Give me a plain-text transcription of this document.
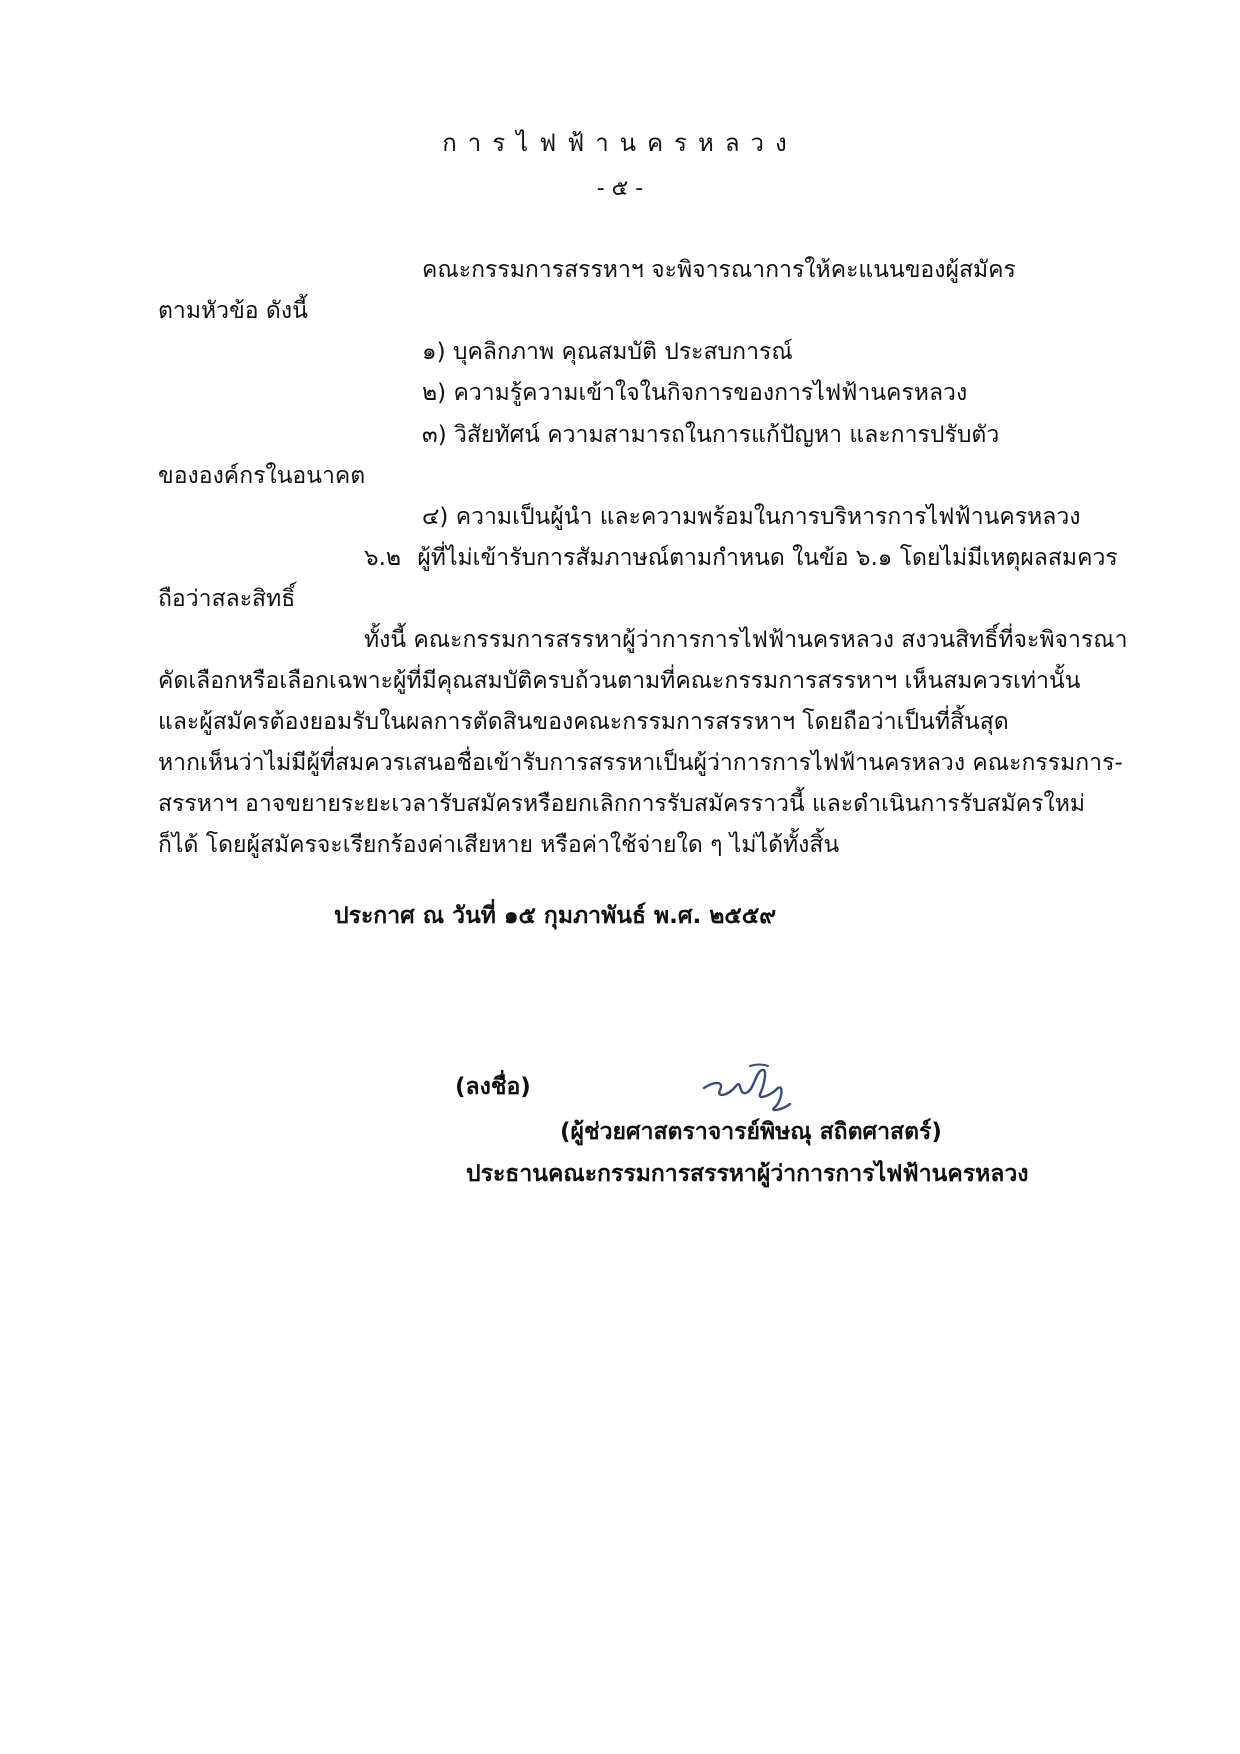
การไฟฟ้านครหลวง

- ๕ -

คณะกรรมการสรรหาฯ จะพิจารณาการให้คะแนนของผู้สมัคร

ตามหัวข้อ ดังนี้

๑) บุคลิกภาพ คุณสมบัติ ประสบการณ์
๒) ความรู้ความเข้าใจในกิจการของการไฟฟ้านครหลวง
๓) วิสัยทัศน์ ความสามารถในการแก้ปัญหา และการปรับตัว

ขององค์กรในอนาคต

๔) ความเป็นผู้นำ และความพร้อมในการบริหารการไฟฟ้านครหลวง
๖.๒ ผู้ที่ไม่เข้ารับการสัมภาษณ์ตามกำหนด ในข้อ ๖.๑ โดยไม่มีเหตุผลสมควร

ถือว่าสละสิทธิ์

ทั้งนี้ คณะกรรมการสรรหาผู้ว่าการการไฟฟ้านครหลวง สงวนสิทธิ์ที่จะพิจารณา

คัดเลือกหรือเลือกเฉพาะผู้ที่มีคุณสมบัติครบถ้วนตามที่คณะกรรมการสรรหาฯ เห็นสมควรเท่านั้น

และผู้สมัครต้องยอมรับในผลการตัดสินของคณะกรรมการสรรหาฯ โดยถือว่าเป็นที่สิ้นสุด

หากเห็นว่าไม่มีผู้ที่สมควรเสนอชื่อเข้ารับการสรรหาเป็นผู้ว่าการการไฟฟ้านครหลวง คณะกรรมการ-

สรรหาฯ อาจขยายระยะเวลารับสมัครหรือยกเลิกการรับสมัครราวนี้ และดำเนินการรับสมัครใหม่

ก็ได้ โดยผู้สมัครจะเรียกร้องค่าเสียหาย หรือค่าใช้จ่ายใด ๆ ไม่ได้ทั้งสิ้น

ประกาศ ณ วันที่ ๑๕ กุมภาพันธ์ พ.ศ. ๒๕๕๙

(ลงชื่อ)

(ผู้ช่วยศาสตราจารย์พิษณุ สถิตศาสตร์)

ประธานคณะกรรมการสรรหาผู้ว่าการการไฟฟ้านครหลวง
